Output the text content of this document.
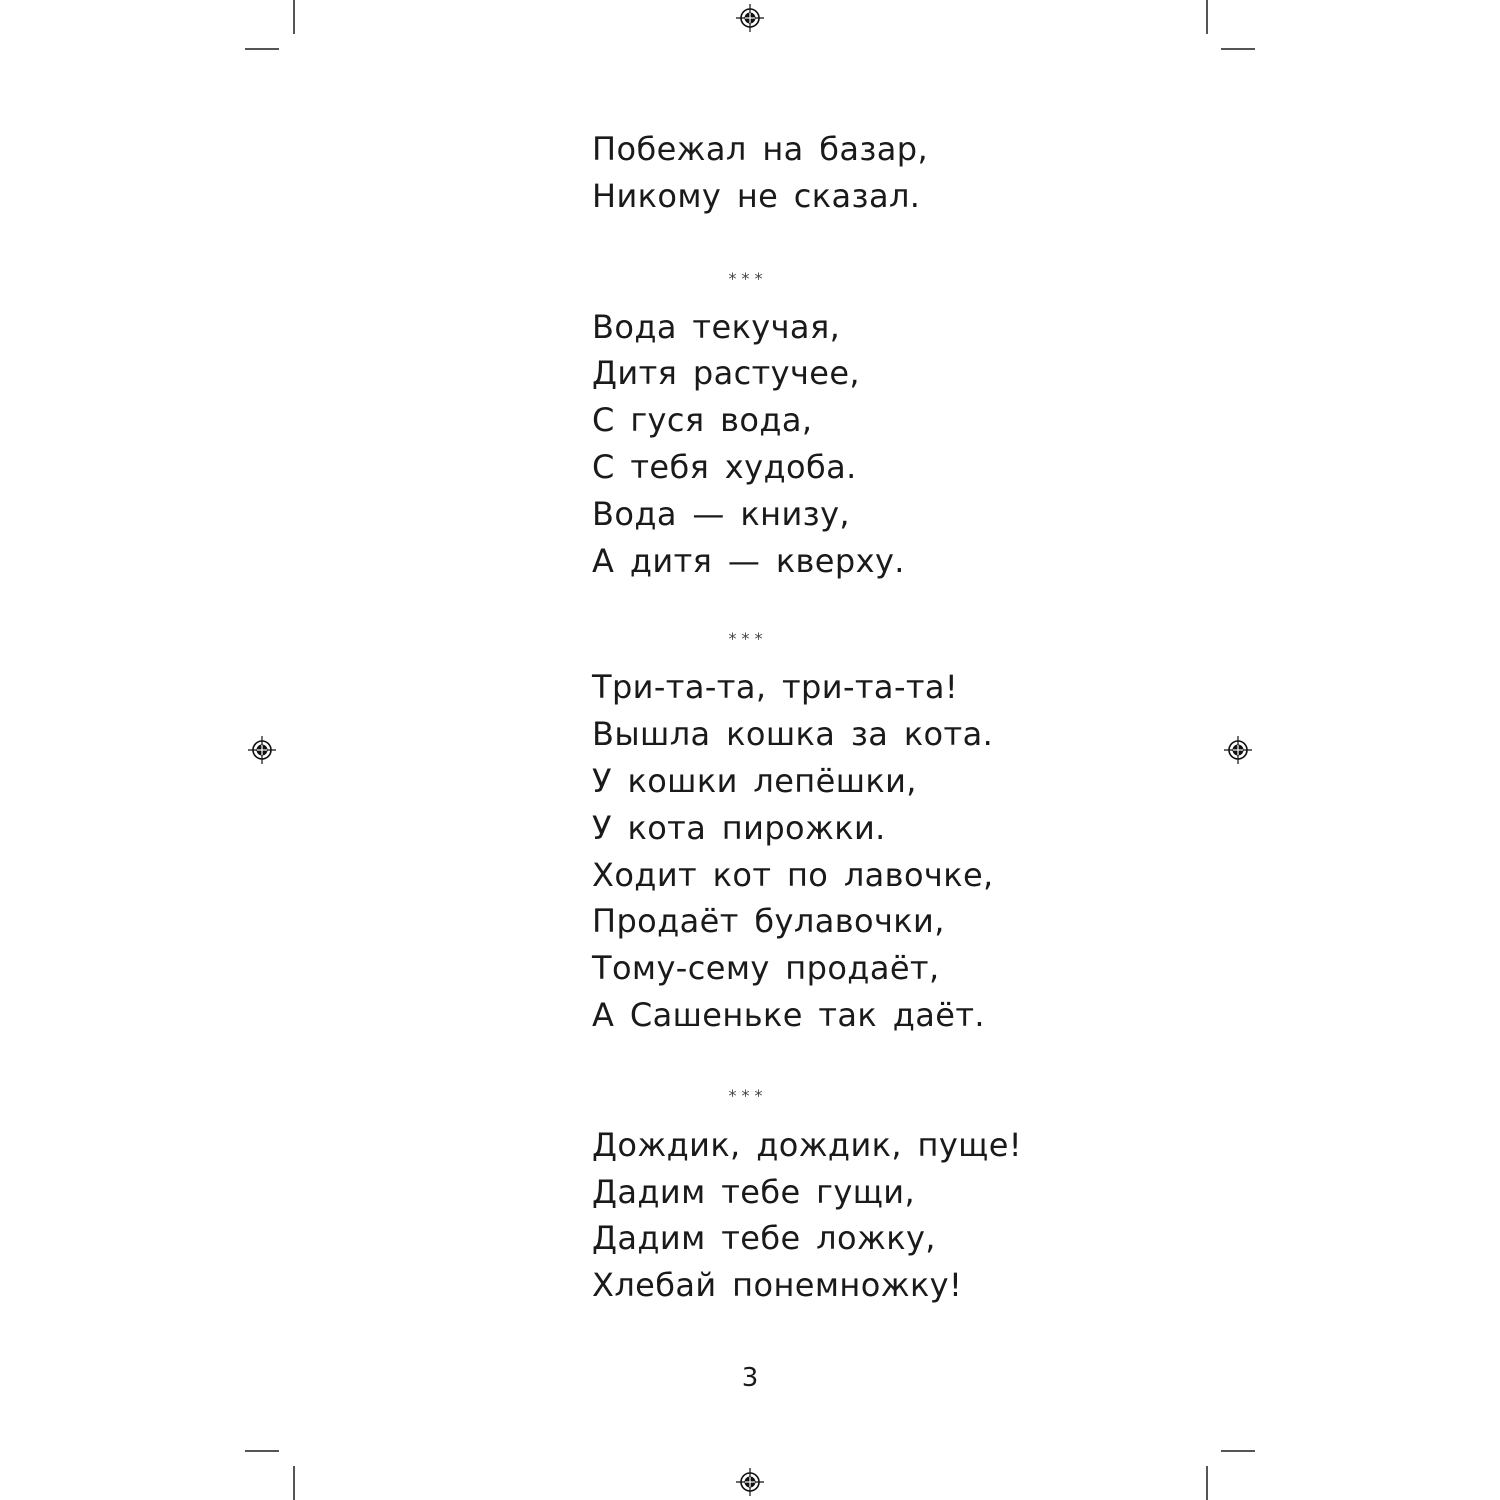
Побежал на базар,
Никому не сказал.
***
Вода текучая,
Дитя растучее,
С гуся вода,
С тебя худоба.
Вода — книзу,
А дитя — кверху.
***
Три-та-та, три-та-та!
Вышла кошка за кота.
У кошки лепёшки,
У кота пирожки.
Ходит кот по лавочке,
Продаёт булавочки,
Тому-сему продаёт,
А Сашеньке так даёт.
***
Дождик, дождик, пуще!
Дадим тебе гущи,
Дадим тебе ложку,
Хлебай понемножку!
3
